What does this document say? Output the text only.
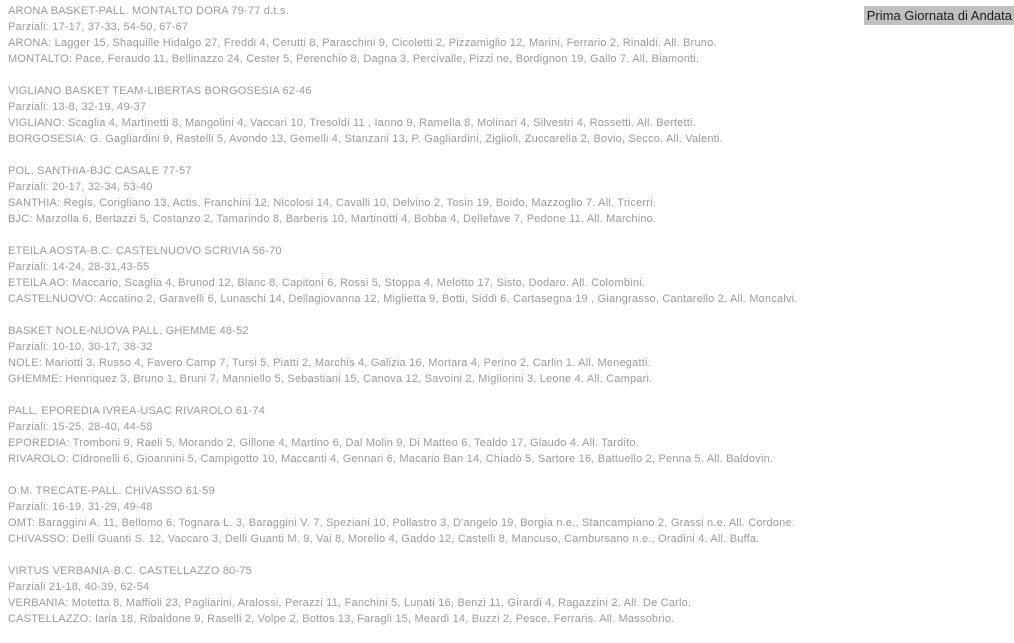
Prima Giornata di Andata
ARONA BASKET-PALL. MONTALTO DORA 79-77 d.t.s.
Parziali: 17-17, 37-33, 54-50, 67-67
ARONA: Lagger 15, Shaquille Hidalgo 27, Freddi 4, Cerutti 8, Paracchini 9, Cicoletti 2, Pizzamiglio 12, Marini, Ferrario 2, Rinaldi. All. Bruno.
MONTALTO: Pace, Feraudo 11, Bellinazzo 24, Cester 5, Perenchio 8, Dagna 3, Percivalle, Pizzi ne, Bordignon 19, Gallo 7. All. Biamonti.
VIGLIANO BASKET TEAM-LIBERTAS BORGOSESIA 62-46
Parziali: 13-8, 32-19, 49-37
VIGLIANO: Scaglia 4, Martinetti 8, Mangolini 4, Vaccari 10, Tresoldi 11 , Ianno 9, Ramella 8, Molinari 4, Silvestri 4, Rossetti. All. Bertetti.
BORGOSESIA: G. Gagliardini 9, Rastelli 5, Avondo 13, Gemelli 4, Stanzani 13, P. Gagliardini, Ziglioli, Zuccarella 2, Bovio, Secco. All. Valenti.
POL. SANTHIA-BJC CASALE 77-57
Parziali: 20-17, 32-34, 53-40
SANTHIA: Regis, Corigliano 13, Actis, Franchini 12, Nicolosi 14, Cavalli 10, Delvino 2, Tosin 19, Boido, Mazzoglio 7. All. Tricerri.
BJC: Marzolla 6, Bertazzi 5, Costanzo 2, Tamarindo 8, Barberis 10, Martinotti 4, Bobba 4, Dellefave 7, Pedone 11. All. Marchino.
ETEILA AOSTA-B.C. CASTELNUOVO SCRIVIA 56-70
Parziali: 14-24, 28-31,43-55
ETEILA AO: Maccario, Scaglia 4, Brunod 12, Blanc 8, Capitoni 6, Rossi 5, Stoppa 4, Melotto 17, Sisto, Dodaro. All. Colombini.
CASTELNUOVO: Accatino 2, Garavelli 6, Lunaschi 14, Dellagiovanna 12, Miglietta 9, Botti, Siddi 6, Cartasegna 19 , Giangrasso, Cantarello 2. All. Moncalvi.
BASKET NOLE-NUOVA PALL. GHEMME 48-52
Parziali: 10-10, 30-17, 38-32
NOLE: Mariotti 3, Russo 4, Favero Camp 7, Tursi 5, Piatti 2, Marchis 4, Galizia 16, Mortara 4, Perino 2, Carlin 1. All. Menegatti.
GHEMME: Henriquez 3, Bruno 1, Bruni 7, Manniello 5, Sebastiani 15, Canova 12, Savoini 2, Migliorini 3, Leone 4. All. Campari.
PALL. EPOREDIA IVREA-USAC RIVAROLO 61-74
Parziali: 15-25, 28-40, 44-58
EPOREDIA: Tromboni 9, Raeli 5, Morando 2, Gillone 4, Martino 6, Dal Molin 9, Di Matteo 6, Tealdo 17, Glaudo 4. All. Tardito.
RIVAROLO: Cidronelli 6, Gioannini 5, Campigotto 10, Maccanti 4, Gennari 6, Macario Ban 14, Chiadò 5, Sartore 16, Battuello 2, Penna 5. All. Baldovin.
O.M. TRECATE-PALL. CHIVASSO 61-59
Parziali: 16-19, 31-29, 49-48
OMT: Baraggini A. 11, Bellomo 6, Tognara L. 3, Baraggini V. 7, Speziani 10, Pollastro 3, D'angelo 19, Borgia n.e., Stancampiano 2, Grassi n.e. All. Cordone.
CHIVASSO: Delli Guanti S. 12, Vaccaro 3, Delli Guanti M. 9, Vai 8, Morello 4, Gaddo 12, Castelli 8, Mancuso, Cambursano n.e., Oradini 4. All. Buffa.
VIRTUS VERBANIA-B.C. CASTELLAZZO 80-75
Parziali 21-18, 40-39, 62-54
VERBANIA: Motetta 8, Maffioli 23, Pagliarini, Aralossi, Perazzi 11, Fanchini 5, Lunati 16, Benzi 11, Girardi 4, Ragazzini 2. All. De Carlo.
CASTELLAZZO: Iaria 18, Ribaldone 9, Raselli 2, Volpe 2, Bottos 13, Faragli 15, Meardi 14, Buzzi 2, Pesce, Ferraris. All. Massobrio.
